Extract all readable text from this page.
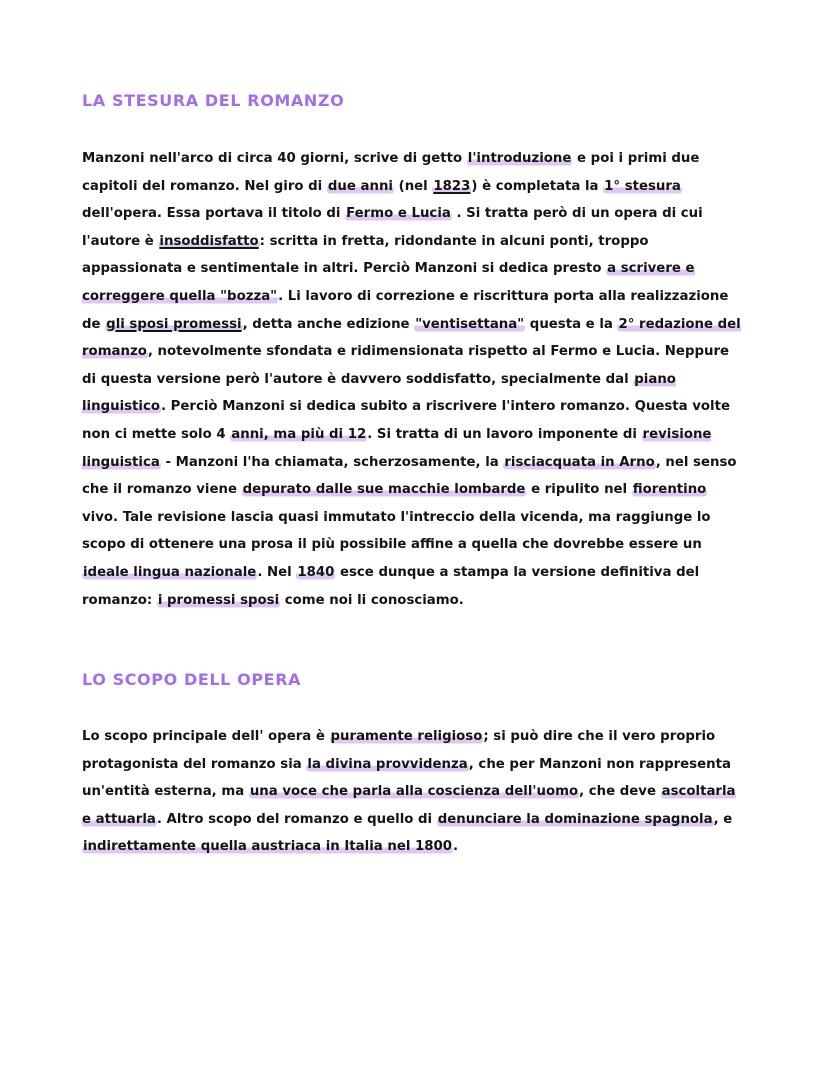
LA STESURA DEL ROMANZO

Manzoni nell'arco di circa 40 giorni, scrive di getto l'introduzione e poi i primi due capitoli del romanzo. Nel giro di due anni (nel 1823) è completata la 1° stesura dell'opera. Essa portava il titolo di Fermo e Lucia . Si tratta però di un opera di cui l'autore è insoddisfatto: scritta in fretta, ridondante in alcuni ponti, troppo appassionata e sentimentale in altri. Perciò Manzoni si dedica presto a scrivere e correggere quella "bozza". Li lavoro di correzione e riscrittura porta alla realizzazione de gli sposi promessi, detta anche edizione "ventisettana" questa e la 2° redazione del romanzo, notevolmente sfondata e ridimensionata rispetto al Fermo e Lucia. Neppure di questa versione però l'autore è davvero soddisfatto, specialmente dal piano linguistico. Perciò Manzoni si dedica subito a riscrivere l'intero romanzo. Questa volte non ci mette solo 4 anni, ma più di 12. Si tratta di un lavoro imponente di revisione linguistica - Manzoni l'ha chiamata, scherzosamente, la risciacquata in Arno, nel senso che il romanzo viene depurato dalle sue macchie lombarde e ripulito nel fiorentino vivo. Tale revisione lascia quasi immutato l'intreccio della vicenda, ma raggiunge lo scopo di ottenere una prosa il più possibile affine a quella che dovrebbe essere un ideale lingua nazionale. Nel 1840 esce dunque a stampa la versione definitiva del romanzo: i promessi sposi come noi li conosciamo.

LO SCOPO DELL OPERA

Lo scopo principale dell' opera è puramente religioso; si può dire che il vero proprio protagonista del romanzo sia la divina provvidenza, che per Manzoni non rappresenta un'entità esterna, ma una voce che parla alla coscienza dell'uomo, che deve ascoltarla e attuarla. Altro scopo del romanzo e quello di denunciare la dominazione spagnola, e indirettamente quella austriaca in Italia nel 1800.
